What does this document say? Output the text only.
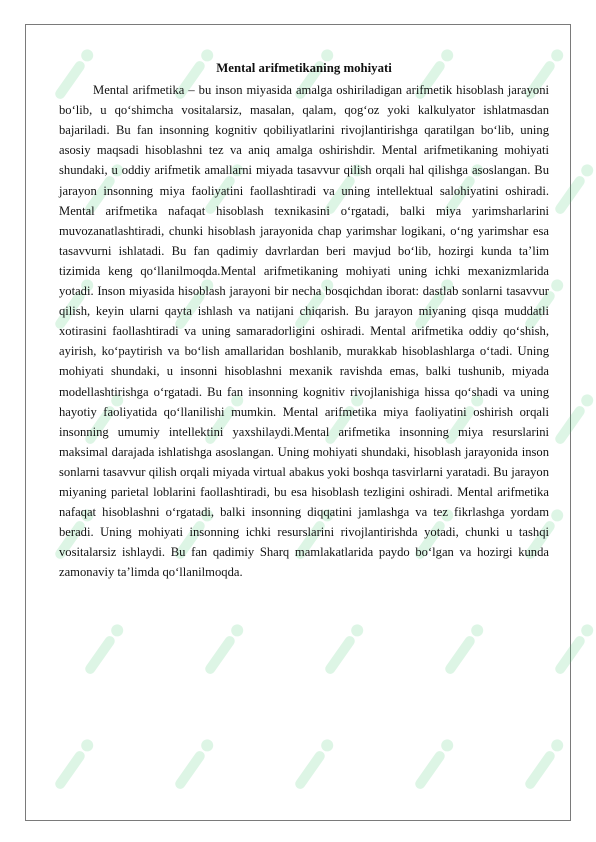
Mental arifmetikaning mohiyati

Mental arifmetika – bu inson miyasida amalga oshiriladigan arifmetik hisoblash jarayoni bo‘lib, u qo‘shimcha vositalarsiz, masalan, qalam, qog‘oz yoki kalkulyator ishlatmasdan bajariladi. Bu fan insonning kognitiv qobiliyatlarini rivojlantirishga qaratilgan bo‘lib, uning asosiy maqsadi hisoblashni tez va aniq amalga oshirishdir. Mental arifmetikaning mohiyati shundaki, u oddiy arifmetik amallarni miyada tasavvur qilish orqali hal qilishga asoslangan. Bu jarayon insonning miya faoliyatini faollashtiradi va uning intellektual salohiyatini oshiradi. Mental arifmetika nafaqat hisoblash texnikasini o‘rgatadi, balki miya yarimsharlarini muvozanatlashtiradi, chunki hisoblash jarayonida chap yarimshar logikani, o‘ng yarimshar esa tasavvurni ishlatadi. Bu fan qadimiy davrlardan beri mavjud bo‘lib, hozirgi kunda ta’lim tizimida keng qo‘llanilmoqda.Mental arifmetikaning mohiyati uning ichki mexanizmlarida yotadi. Inson miyasida hisoblash jarayoni bir necha bosqichdan iborat: dastlab sonlarni tasavvur qilish, keyin ularni qayta ishlash va natijani chiqarish. Bu jarayon miyaning qisqa muddatli xotirasini faollashtiradi va uning samaradorligini oshiradi. Mental arifmetika oddiy qo‘shish, ayirish, ko‘paytirish va bo‘lish amallaridan boshlanib, murakkab hisoblashlarga o‘tadi. Uning mohiyati shundaki, u insonni hisoblashni mexanik ravishda emas, balki tushunib, miyada modellashtirishga o‘rgatadi. Bu fan insonning kognitiv rivojlanishiga hissa qo‘shadi va uning hayotiy faoliyatida qo‘llanilishi mumkin. Mental arifmetika miya faoliyatini oshirish orqali insonning umumiy intellektini yaxshilaydi.Mental arifmetika insonning miya resurslarini maksimal darajada ishlatishga asoslangan. Uning mohiyati shundaki, hisoblash jarayonida inson sonlarni tasavvur qilish orqali miyada virtual abakus yoki boshqa tasvirlarni yaratadi. Bu jarayon miyaning parietal loblarini faollashtiradi, bu esa hisoblash tezligini oshiradi. Mental arifmetika nafaqat hisoblashni o‘rgatadi, balki insonning diqqatini jamlashga va tez fikrlashga yordam beradi. Uning mohiyati insonning ichki resurslarini rivojlantirishda yotadi, chunki u tashqi vositalarsiz ishlaydi. Bu fan qadimiy Sharq mamlakatlarida paydo bo‘lgan va hozirgi kunda zamonaviy ta’limda qo‘llanilmoqda.
